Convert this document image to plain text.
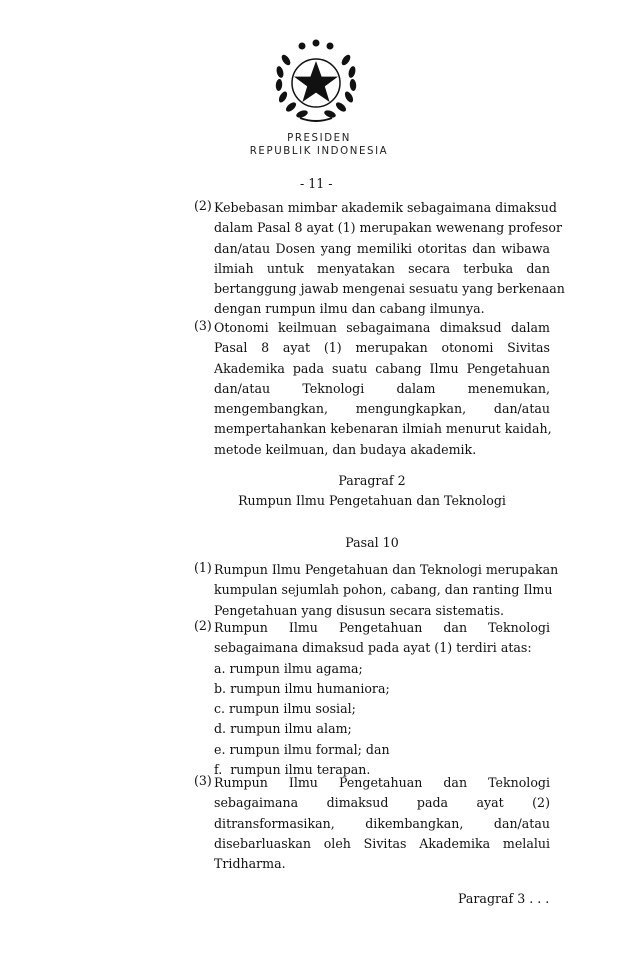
PRESIDEN
REPUBLIK INDONESIA
- 11 -
(2) Kebebasan mimbar akademik sebagaimana dimaksud
dalam Pasal 8 ayat (1) merupakan wewenang profesor
dan/atau Dosen yang memiliki otoritas dan wibawa
ilmiah untuk menyatakan secara terbuka dan
bertanggung jawab mengenai sesuatu yang berkenaan
dengan rumpun ilmu dan cabang ilmunya.
(3) Otonomi keilmuan sebagaimana dimaksud dalam
Pasal 8 ayat (1) merupakan otonomi Sivitas
Akademika pada suatu cabang Ilmu Pengetahuan
dan/atau Teknologi dalam menemukan,
mengembangkan, mengungkapkan, dan/atau
mempertahankan kebenaran ilmiah menurut kaidah,
metode keilmuan, dan budaya akademik.
Paragraf 2
Rumpun Ilmu Pengetahuan dan Teknologi
Pasal 10
(1) Rumpun Ilmu Pengetahuan dan Teknologi merupakan
kumpulan sejumlah pohon, cabang, dan ranting Ilmu
Pengetahuan yang disusun secara sistematis.
(2) Rumpun Ilmu Pengetahuan dan Teknologi
sebagaimana dimaksud pada ayat (1) terdiri atas:
a. rumpun ilmu agama;
b. rumpun ilmu humaniora;
c. rumpun ilmu sosial;
d. rumpun ilmu alam;
e. rumpun ilmu formal; dan
f.  rumpun ilmu terapan.
(3) Rumpun Ilmu Pengetahuan dan Teknologi
sebagaimana dimaksud pada ayat (2)
ditransformasikan, dikembangkan, dan/atau
disebarluaskan oleh Sivitas Akademika melalui
Tridharma.
Paragraf 3 . . .
